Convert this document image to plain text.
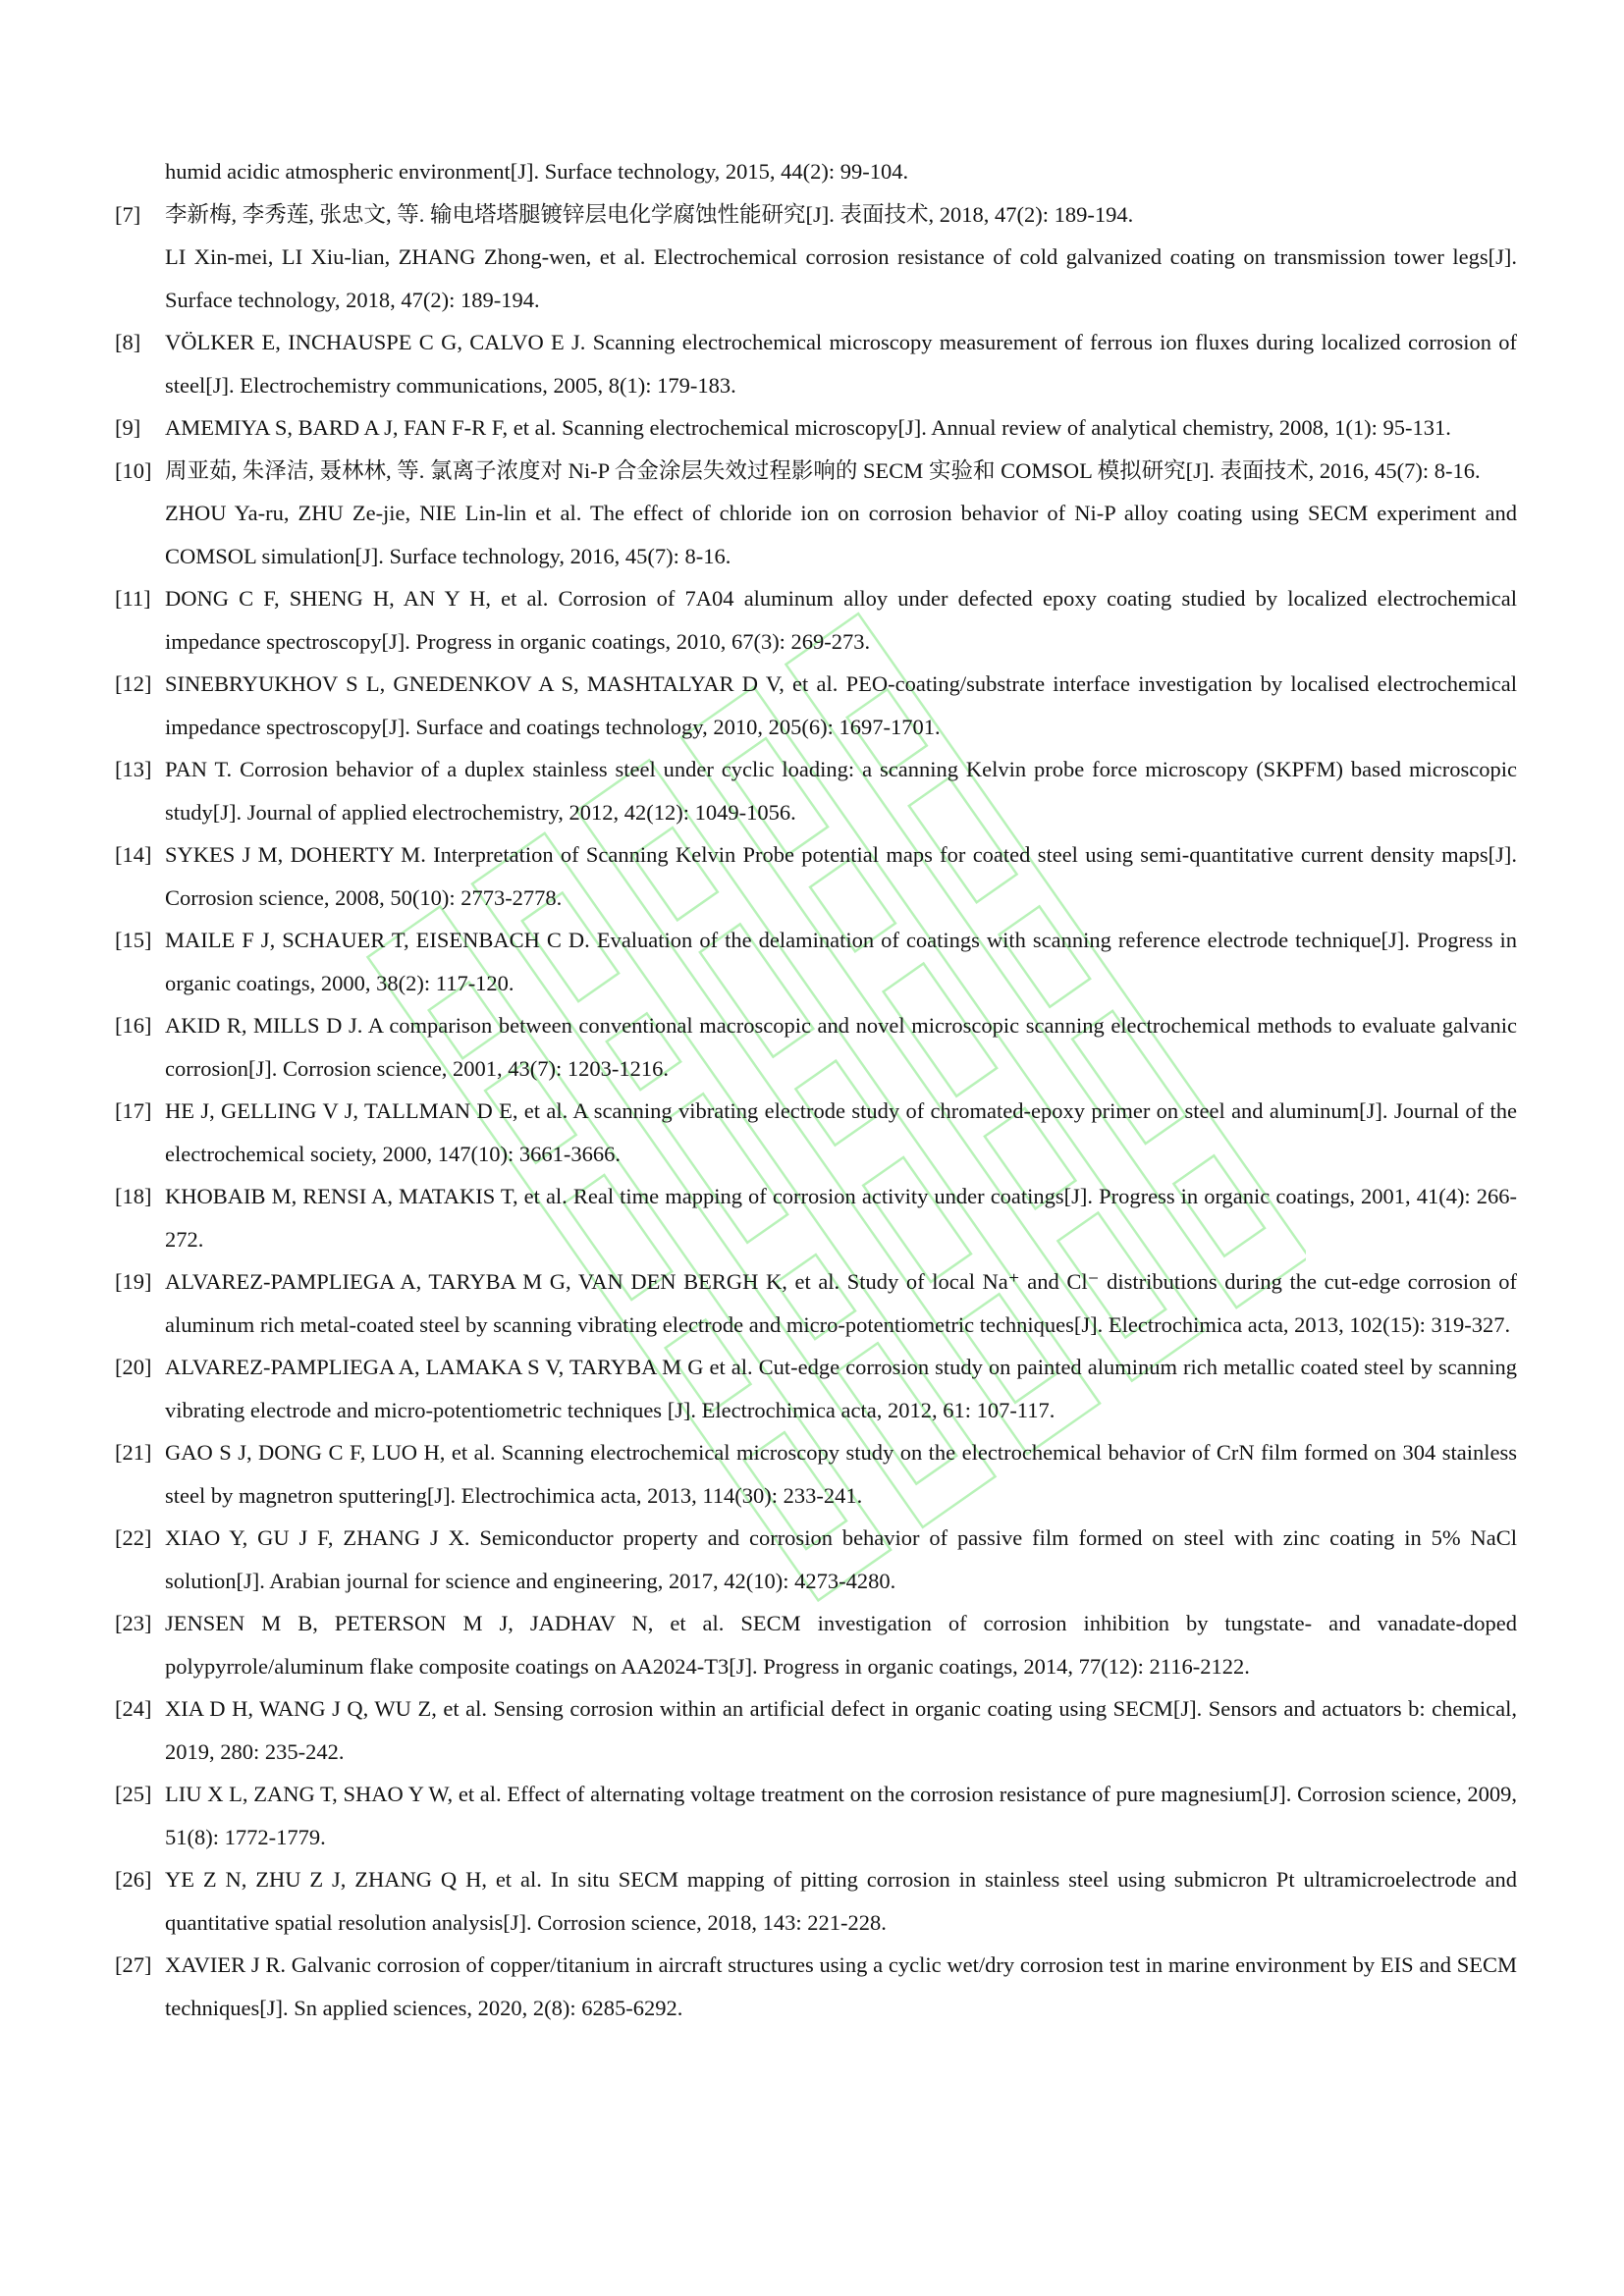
humid acidic atmospheric environment[J]. Surface technology, 2015, 44(2): 99-104.
[7] 李新梅, 李秀莲, 张忠文, 等. 输电塔塔腿镀锌层电化学腐蚀性能研究[J]. 表面技术, 2018, 47(2): 189-194.
LI Xin-mei, LI Xiu-lian, ZHANG Zhong-wen, et al. Electrochemical corrosion resistance of cold galvanized coating on transmission tower legs[J]. Surface technology, 2018, 47(2): 189-194.
[8] VÖLKER E, INCHAUSPE C G, CALVO E J. Scanning electrochemical microscopy measurement of ferrous ion fluxes during localized corrosion of steel[J]. Electrochemistry communications, 2005, 8(1): 179-183.
[9] AMEMIYA S, BARD A J, FAN F-R F, et al. Scanning electrochemical microscopy[J]. Annual review of analytical chemistry, 2008, 1(1): 95-131.
[10] 周亚茹, 朱泽洁, 聂林林, 等. 氯离子浓度对 Ni-P 合金涂层失效过程影响的 SECM 实验和 COMSOL 模拟研究[J]. 表面技术, 2016, 45(7): 8-16.
ZHOU Ya-ru, ZHU Ze-jie, NIE Lin-lin et al. The effect of chloride ion on corrosion behavior of Ni-P alloy coating using SECM experiment and COMSOL simulation[J]. Surface technology, 2016, 45(7): 8-16.
[11] DONG C F, SHENG H, AN Y H, et al. Corrosion of 7A04 aluminum alloy under defected epoxy coating studied by localized electrochemical impedance spectroscopy[J]. Progress in organic coatings, 2010, 67(3): 269-273.
[12] SINEBRYUKHOV S L, GNEDENKOV A S, MASHTALYAR D V, et al. PEO-coating/substrate interface investigation by localised electrochemical impedance spectroscopy[J]. Surface and coatings technology, 2010, 205(6): 1697-1701.
[13] PAN T. Corrosion behavior of a duplex stainless steel under cyclic loading: a scanning Kelvin probe force microscopy (SKPFM) based microscopic study[J]. Journal of applied electrochemistry, 2012, 42(12): 1049-1056.
[14] SYKES J M, DOHERTY M. Interpretation of Scanning Kelvin Probe potential maps for coated steel using semi-quantitative current density maps[J]. Corrosion science, 2008, 50(10): 2773-2778.
[15] MAILE F J, SCHAUER T, EISENBACH C D. Evaluation of the delamination of coatings with scanning reference electrode technique[J]. Progress in organic coatings, 2000, 38(2): 117-120.
[16] AKID R, MILLS D J. A comparison between conventional macroscopic and novel microscopic scanning electrochemical methods to evaluate galvanic corrosion[J]. Corrosion science, 2001, 43(7): 1203-1216.
[17] HE J, GELLING V J, TALLMAN D E, et al. A scanning vibrating electrode study of chromated-epoxy primer on steel and aluminum[J]. Journal of the electrochemical society, 2000, 147(10): 3661-3666.
[18] KHOBAIB M, RENSI A, MATAKIS T, et al. Real time mapping of corrosion activity under coatings[J]. Progress in organic coatings, 2001, 41(4): 266-272.
[19] ALVAREZ-PAMPLIEGA A, TARYBA M G, VAN DEN BERGH K, et al. Study of local Na⁺ and Cl⁻ distributions during the cut-edge corrosion of aluminum rich metal-coated steel by scanning vibrating electrode and micro-potentiometric techniques[J]. Electrochimica acta, 2013, 102(15): 319-327.
[20] ALVAREZ-PAMPLIEGA A, LAMAKA S V, TARYBA M G et al. Cut-edge corrosion study on painted aluminum rich metallic coated steel by scanning vibrating electrode and micro-potentiometric techniques [J]. Electrochimica acta, 2012, 61: 107-117.
[21] GAO S J, DONG C F, LUO H, et al. Scanning electrochemical microscopy study on the electrochemical behavior of CrN film formed on 304 stainless steel by magnetron sputtering[J]. Electrochimica acta, 2013, 114(30): 233-241.
[22] XIAO Y, GU J F, ZHANG J X. Semiconductor property and corrosion behavior of passive film formed on steel with zinc coating in 5% NaCl solution[J]. Arabian journal for science and engineering, 2017, 42(10): 4273-4280.
[23] JENSEN M B, PETERSON M J, JADHAV N, et al. SECM investigation of corrosion inhibition by tungstate- and vanadate-doped polypyrrole/aluminum flake composite coatings on AA2024-T3[J]. Progress in organic coatings, 2014, 77(12): 2116-2122.
[24] XIA D H, WANG J Q, WU Z, et al. Sensing corrosion within an artificial defect in organic coating using SECM[J]. Sensors and actuators b: chemical, 2019, 280: 235-242.
[25] LIU X L, ZANG T, SHAO Y W, et al. Effect of alternating voltage treatment on the corrosion resistance of pure magnesium[J]. Corrosion science, 2009, 51(8): 1772-1779.
[26] YE Z N, ZHU Z J, ZHANG Q H, et al. In situ SECM mapping of pitting corrosion in stainless steel using submicron Pt ultramicroelectrode and quantitative spatial resolution analysis[J]. Corrosion science, 2018, 143: 221-228.
[27] XAVIER J R. Galvanic corrosion of copper/titanium in aircraft structures using a cyclic wet/dry corrosion test in marine environment by EIS and SECM techniques[J]. Sn applied sciences, 2020, 2(8): 6285-6292.
